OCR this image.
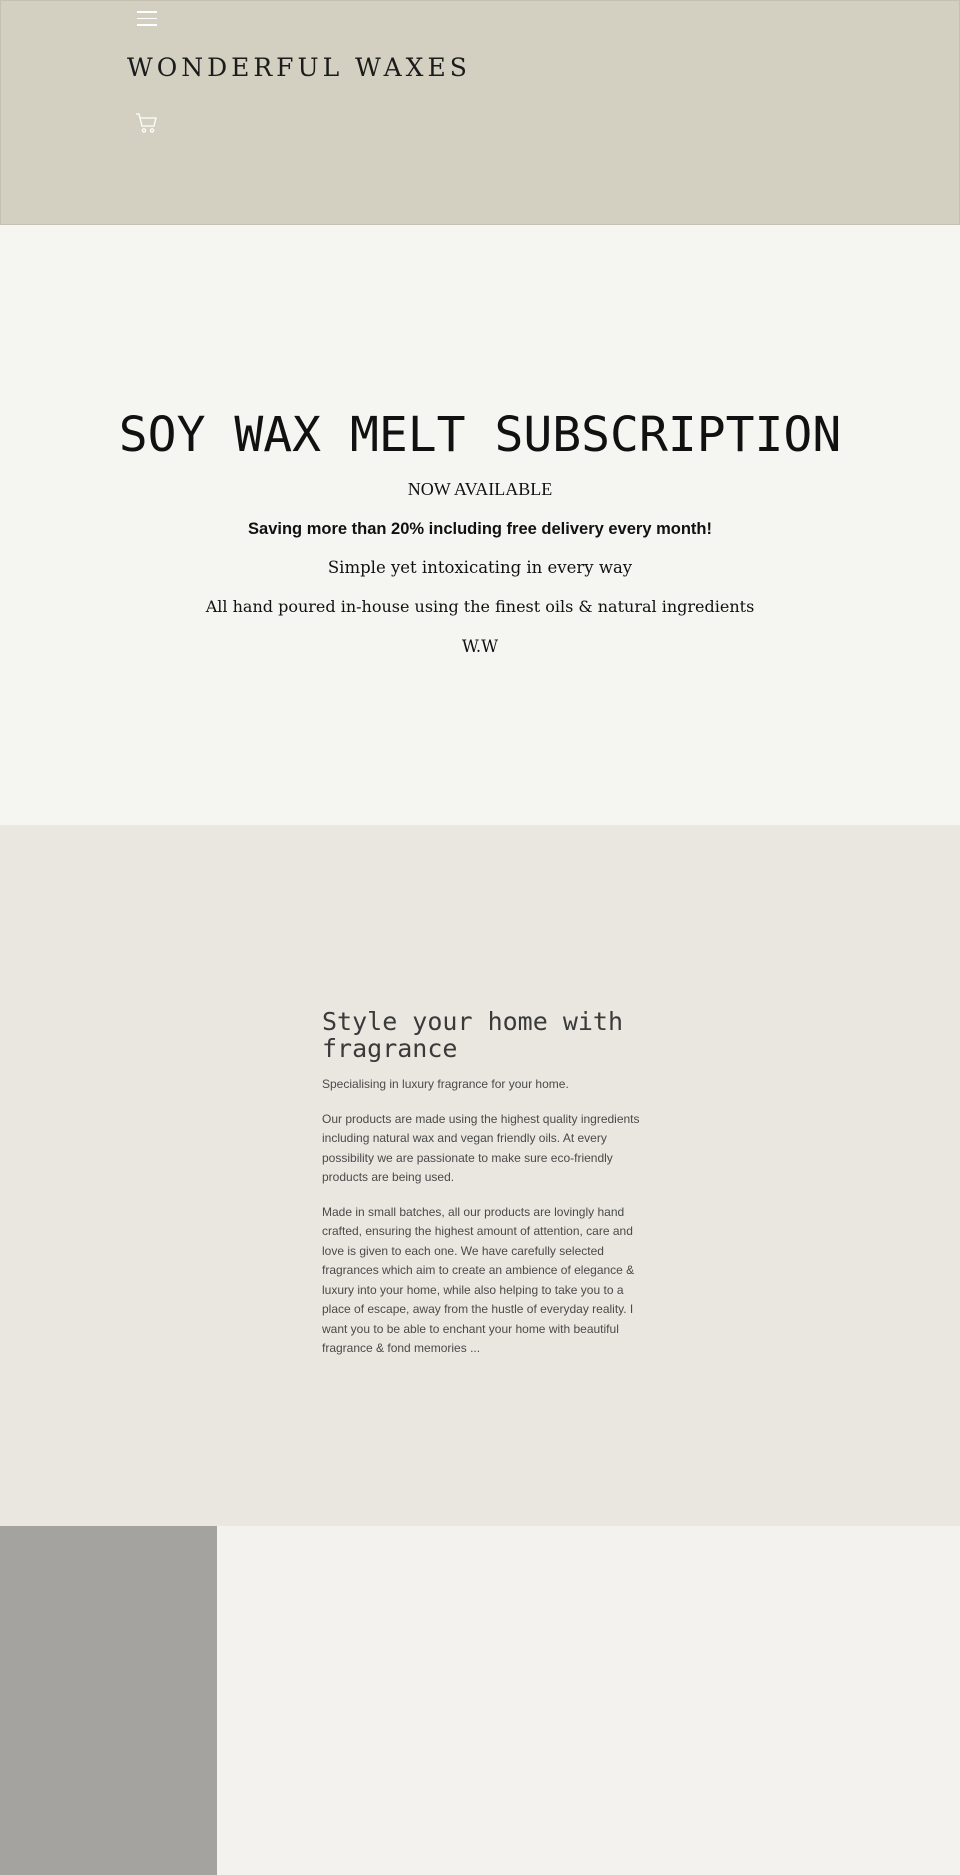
WONDERFUL WAXES
SOY WAX MELT SUBSCRIPTION

NOW AVAILABLE

Saving more than 20% including free delivery every month!

Simple yet intoxicating in every way

All hand poured in-house using the finest oils & natural ingredients

W.W

Style your home with fragrance

Specialising in luxury fragrance for your home.

Our products are made using the highest quality ingredients including natural wax and vegan friendly oils. At every possibility we are passionate to make sure eco-friendly products are being used.

Made in small batches, all our products are lovingly hand crafted, ensuring the highest amount of attention, care and love is given to each one. We have carefully selected fragrances which aim to create an ambience of elegance & luxury into your home, while also helping to take you to a place of escape, away from the hustle of everyday reality. I want you to be able to enchant your home with beautiful fragrance & fond memories ...
